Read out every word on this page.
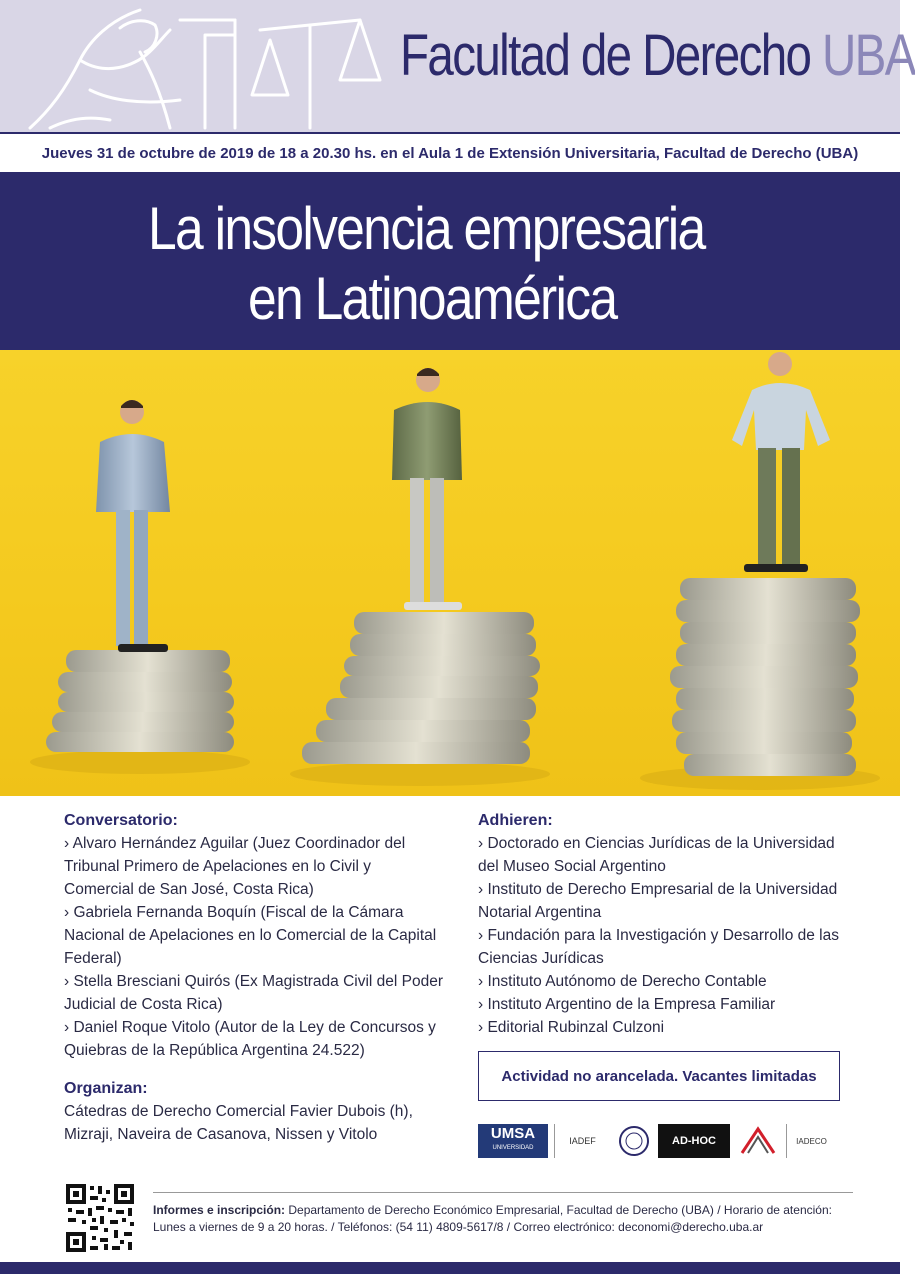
Facultad de Derecho UBA
Jueves 31 de octubre de 2019 de 18 a 20.30 hs. en el Aula 1 de Extensión Universitaria, Facultad de Derecho (UBA)
La insolvencia empresaria
en Latinoamérica
Conversatorio:
› Alvaro Hernández Aguilar (Juez Coordinador del Tribunal Primero de Apelaciones en lo Civil y Comercial de San José, Costa Rica)
› Gabriela Fernanda Boquín (Fiscal de la Cámara Nacional de Apelaciones en lo Comercial de la Capital Federal)
› Stella Bresciani Quirós (Ex Magistrada Civil del Poder Judicial de Costa Rica)
› Daniel Roque Vitolo (Autor de la Ley de Concursos y Quiebras de la República Argentina 24.522)
Organizan:
Cátedras de Derecho Comercial Favier Dubois (h), Mizraji, Naveira de Casanova, Nissen y Vitolo
Adhieren:
› Doctorado en Ciencias Jurídicas de la Universidad del Museo Social Argentino
› Instituto de Derecho Empresarial de la Universidad Notarial Argentina
› Fundación para la Investigación y Desarrollo de las Ciencias Jurídicas
› Instituto Autónomo de Derecho Contable
› Instituto Argentino de la Empresa Familiar
› Editorial Rubinzal Culzoni
Actividad no arancelada. Vacantes limitadas
UMSA
UNIVERSIDAD
IADEF	AD-HOC	IADECO
Informes e inscripción: Departamento de Derecho Económico Empresarial, Facultad de Derecho (UBA) / Horario de atención:
Lunes a viernes de 9 a 20 horas. / Teléfonos: (54 11) 4809-5617/8 / Correo electrónico: deconomi@derecho.uba.ar
